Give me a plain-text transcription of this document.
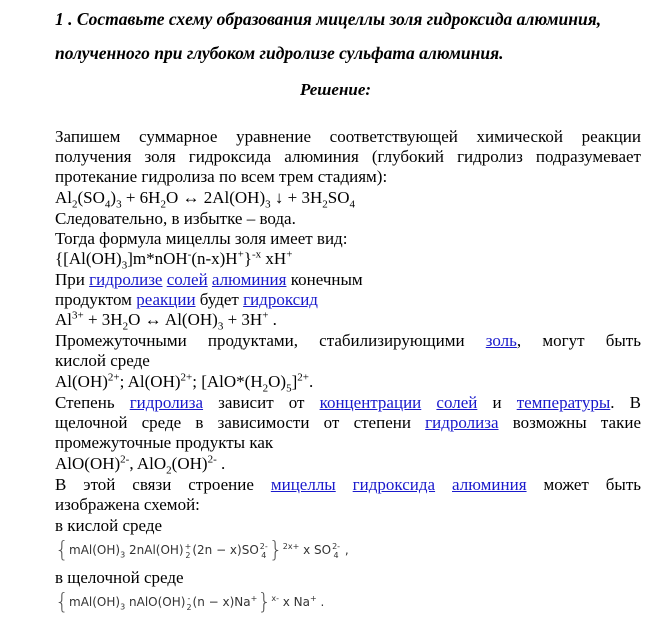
1 . Составьте схему образования мицеллы золя гидроксида алюминия,
полученного при глубоком гидролизе сульфата алюминия.
Решение:
Запишем суммарное уравнение соответствующей химической реакции
получения золя гидроксида алюминия (глубокий гидролиз подразумевает
протекание гидролиза по всем трем стадиям):
$Al_2(SO_4)_3 + 6H_2O$ ↔ $2Al(OH)_3$ ↓ + $3H_2SO_4$
Следовательно, в избытке – вода.
Тогда формула мицеллы золя имеет вид:
$\{[Al(OH)_3]m*nOH^-(n-x)H^+\}^{-x}$ xH+
При гидролизе солей алюминия конечным
продуктом реакции будет гидроксид
$Al^{3+} + 3H_2O$ ↔ $Al(OH)_3 + 3H^+$ .
Промежуточными продуктами, стабилизирующими золь, могут быть
кислой среде
Al(OH)$^{2+}$; Al(OH)$^{2+}$; $[AlO*(H_2O)_5]^{2+}$.
Степень гидролиза зависит от концентрации солей и температуры. В
щелочной среде в зависимости от степени гидролиза возможны такие
промежуточные продукты как
AlO(OH)$^{2-}$, AlO$_2$(OH)$^{2-}$ .
В этой связи строение мицеллы гидроксида алюминия может быть
изображена схемой:
в кислой среде
{$mAl(OH)_3$ 2nAl(OH)+
2 (2n − x)SO2-
4 }$^{2x+}$ x SO2-
4 ,
в щелочной среде
{$mAl(OH)_3$ nAlO(OH) -
2(n − x)Na+}$^{x-}$ x Na+ .
